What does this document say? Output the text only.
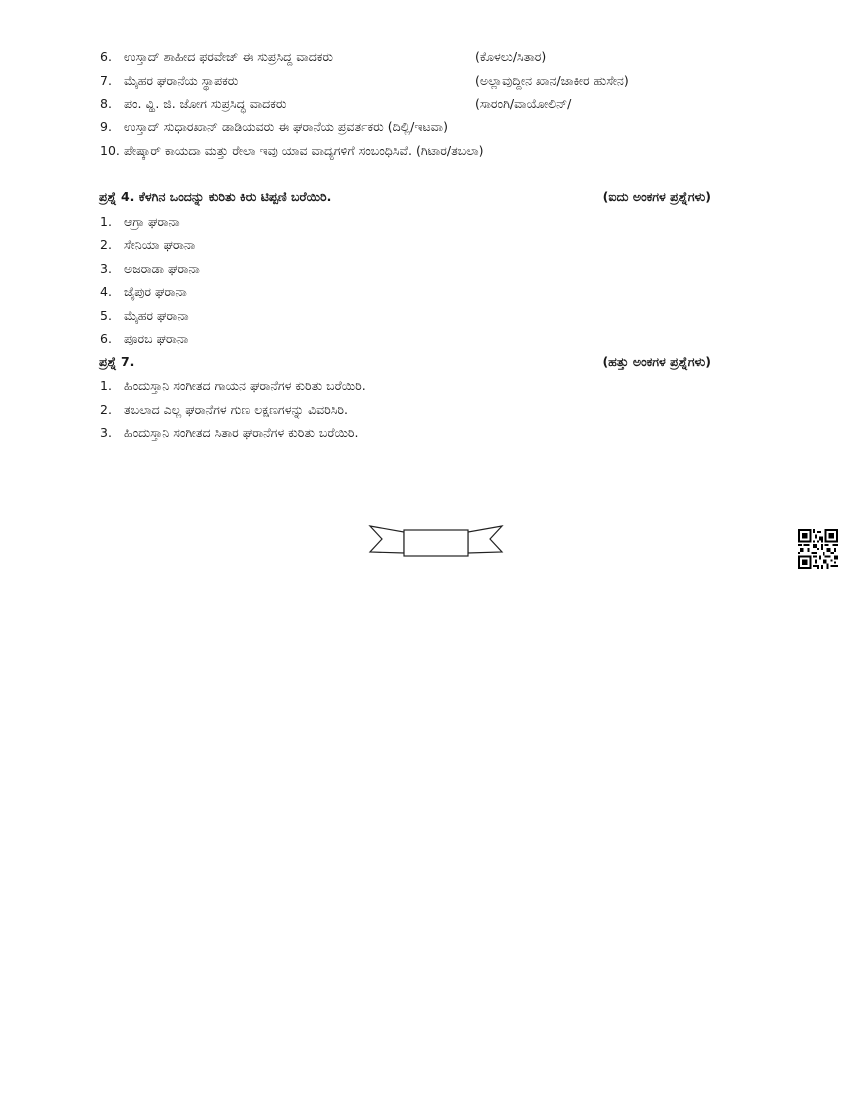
6. ಉಸ್ತಾದ್ ಶಾಹೀದ ಫರವೇಜ್ ಈ ಸುಪ್ರಸಿದ್ದ ವಾದಕರು	(ಕೊಳಲು/ಸಿತಾರ)
7. ಮೈಹರ ಘರಾನೆಯ ಸ್ಥಾಪಕರು	(ಅಲ್ಲಾವುದ್ದೀನ ಖಾನ/ಜಾಕೀರ ಹುಸೇನ)
8. ಪಂ. ವ್ಹಿ. ಜಿ. ಜೋಗ ಸುಪ್ರಸಿದ್ಧ ವಾದಕರು	(ಸಾರಂಗಿ/ವಾಯೋಲಿನ್/
9. ಉಸ್ತಾದ್ ಸುಧಾರಖಾನ್ ಡಾಡಿಯವರು ಈ ಘರಾನೆಯ ಪ್ರವರ್ತಕರು (ದಿಲ್ಲಿ/ಇಟವಾ)
10. ಪೇಷ್ಕಾರ್ ಕಾಯದಾ ಮತ್ತು ರೇಲಾ ಇವು ಯಾವ ವಾದ್ಯಗಳಿಗೆ ಸಂಬಂಧಿಸಿವೆ. (ಗಿಟಾರ/ತಬಲಾ)
ಪ್ರಶ್ನೆ 4. ಕೆಳಗಿನ ಒಂದನ್ನು ಕುರಿತು ಕಿರು ಟಿಪ್ಪಣಿ ಬರೆಯಿರಿ.	(ಐದು ಅಂಕಗಳ ಪ್ರಶ್ನೆಗಳು)
1. ಆಗ್ರಾ ಘರಾನಾ
2. ಸೇನಿಯಾ ಘರಾನಾ
3. ಅಜರಾಡಾ ಘರಾನಾ
4. ಜೈಪುರ ಘರಾನಾ
5. ಮೈಹರ ಘರಾನಾ
6. ಪೂರಬ ಘರಾನಾ
ಪ್ರಶ್ನೆ 7.	(ಹತ್ತು ಅಂಕಗಳ ಪ್ರಶ್ನೆಗಳು)
1. ಹಿಂದುಸ್ತಾನಿ ಸಂಗೀತದ ಗಾಯನ ಘರಾನೆಗಳ ಕುರಿತು ಬರೆಯಿರಿ.
2. ತಬಲಾದ ಎಲ್ಲ ಘರಾನೆಗಳ ಗುಣ ಲಕ್ಷಣಗಳನ್ನು ವಿವರಿಸಿರಿ.
3. ಹಿಂದುಸ್ತಾನಿ ಸಂಗೀತದ ಸಿತಾರ ಘರಾನೆಗಳ ಕುರಿತು ಬರೆಯಿರಿ.
